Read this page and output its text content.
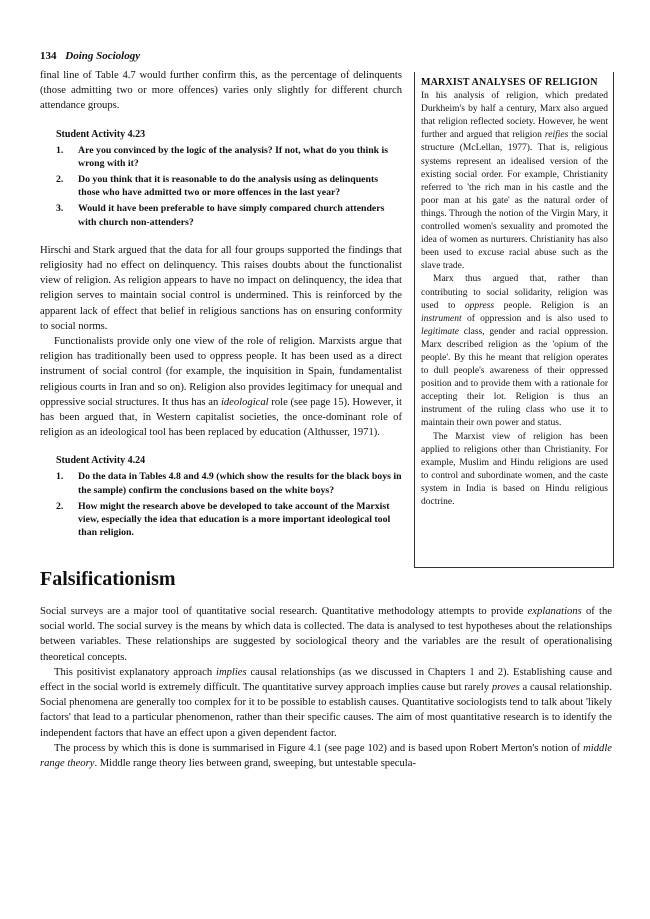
134 Doing Sociology

final line of Table 4.7 would further confirm this, as the percentage of delinquents (those admitting two or more offences) varies only slightly for different church attendance groups.

Student Activity 4.23
1. Are you convinced by the logic of the analysis? If not, what do you think is wrong with it?
2. Do you think that it is reasonable to do the analysis using as delinquents those who have admitted two or more offences in the last year?
3. Would it have been preferable to have simply compared church attenders with church non-attenders?

Hirschi and Stark argued that the data for all four groups supported the findings that religiosity had no effect on delinquency. This raises doubts about the functionalist view of religion. As religion appears to have no impact on delinquency, the idea that religion serves to maintain social control is undermined. This is reinforced by the apparent lack of effect that belief in religious sanctions has on ensuring conformity to social norms.

Functionalists provide only one view of the role of religion. Marxists argue that religion has traditionally been used to oppress people. It has been used as a direct instrument of social control (for example, the inquisition in Spain, fundamentalist religious courts in Iran and so on). Religion also provides legitimacy for unequal and oppressive social structures. It thus has an ideological role (see page 15). However, it has been argued that, in Western capitalist societies, the once-dominant role of religion as an ideological tool has been replaced by education (Althusser, 1971).

Student Activity 4.24
1. Do the data in Tables 4.8 and 4.9 (which show the results for the black boys in the sample) confirm the conclusions based on the white boys?
2. How might the research above be developed to take account of the Marxist view, especially the idea that education is a more important ideological tool than religion.
MARXIST ANALYSES OF RELIGION

In his analysis of religion, which predated Durkheim's by half a century, Marx also argued that religion reflected society. However, he went further and argued that religion reifies the social structure (McLellan, 1977). That is, religious systems represent an idealised version of the existing social order. For example, Christianity referred to 'the rich man in his castle and the poor man at his gate' as the natural order of things. Through the notion of the Virgin Mary, it controlled women's sexuality and promoted the idea of women as nurturers. Christianity has also been used to excuse racial abuse such as the slave trade.

Marx thus argued that, rather than contributing to social solidarity, religion was used to oppress people. Religion is an instrument of oppression and is also used to legitimate class, gender and racial oppression. Marx described religion as the 'opium of the people'. By this he meant that religion operates to dull people's awareness of their oppressed position and to provide them with a rationale for accepting their lot. Religion is thus an instrument of the ruling class who use it to maintain their own power and status.

The Marxist view of religion has been applied to religions other than Christianity. For example, Muslim and Hindu religions are used to control and subordinate women, and the caste system in India is based on Hindu religious doctrine.

Falsificationism

Social surveys are a major tool of quantitative social research. Quantitative methodology attempts to provide explanations of the social world. The social survey is the means by which data is collected. The data is analysed to test hypotheses about the relationships between variables. These relationships are suggested by sociological theory and the variables are the result of operationalising theoretical concepts.

This positivist explanatory approach implies causal relationships (as we discussed in Chapters 1 and 2). Establishing cause and effect in the social world is extremely difficult. The quantitative survey approach implies cause but rarely proves a causal relationship. Social phenomena are generally too complex for it to be possible to establish causes. Quantitative sociologists tend to talk about 'likely factors' that lead to a particular phenomenon, rather than their specific causes. The aim of most quantitative research is to identify the independent factors that have an effect upon a given dependent factor.

The process by which this is done is summarised in Figure 4.1 (see page 102) and is based upon Robert Merton's notion of middle range theory. Middle range theory lies between grand, sweeping, but untestable specula-
